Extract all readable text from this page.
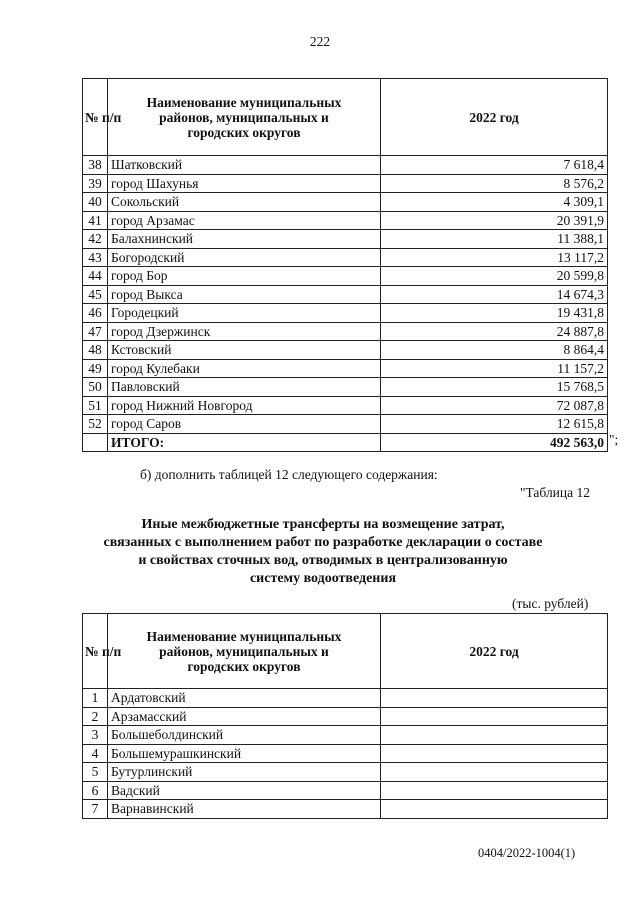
222
№ п/п	Наименование муниципальных районов, муниципальных и городских округов	2022 год
38	Шатковский	7 618,4
39	город Шахунья	8 576,2
40	Сокольский	4 309,1
41	город Арзамас	20 391,9
42	Балахнинский	11 388,1
43	Богородский	13 117,2
44	город Бор	20 599,8
45	город Выкса	14 674,3
46	Городецкий	19 431,8
47	город Дзержинск	24 887,8
48	Кстовский	8 864,4
49	город Кулебаки	11 157,2
50	Павловский	15 768,5
51	город Нижний Новгород	72 087,8
52	город Саров	12 615,8
	ИТОГО:	492 563,0 ";
б) дополнить таблицей 12 следующего содержания:
"Таблица 12
Иные межбюджетные трансферты на возмещение затрат,
связанных с выполнением работ по разработке декларации о составе
и свойствах сточных вод, отводимых в централизованную
систему водоотведения
(тыс. рублей)
№ п/п	Наименование муниципальных районов, муниципальных и городских округов	2022 год
1	Ардатовский	
2	Арзамасский	
3	Большеболдинский	
4	Большемурашкинский	
5	Бутурлинский	
6	Вадский	
7	Варнавинский	
0404/2022-1004(1)
